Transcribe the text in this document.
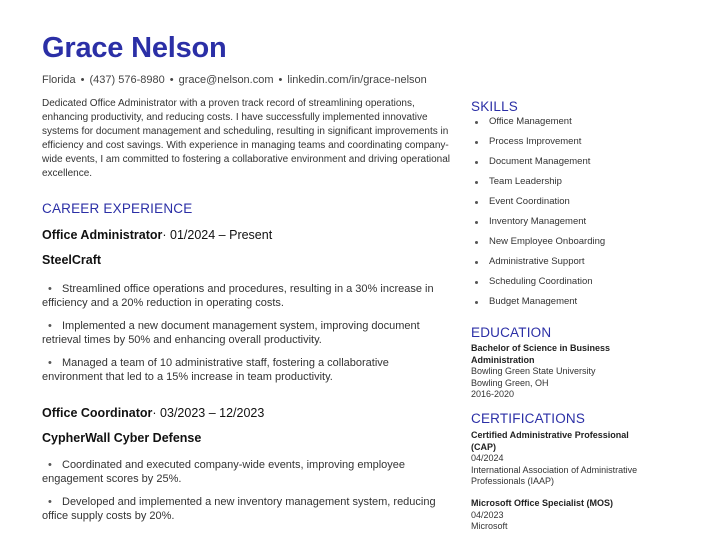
Grace Nelson
Florida • (437) 576-8980 • grace@nelson.com • linkedin.com/in/grace-nelson

Dedicated Office Administrator with a proven track record of streamlining operations, enhancing productivity, and reducing costs. I have successfully implemented innovative systems for document management and scheduling, resulting in significant improvements in efficiency and cost savings. With experience in managing teams and coordinating company-wide events, I am committed to fostering a collaborative environment and driving operational excellence.

CAREER EXPERIENCE
Office Administrator· 01/2024 – Present
SteelCraft
• Streamlined office operations and procedures, resulting in a 30% increase in efficiency and a 20% reduction in operating costs.
• Implemented a new document management system, improving document retrieval times by 50% and enhancing overall productivity.
• Managed a team of 10 administrative staff, fostering a collaborative environment that led to a 15% increase in team productivity.
Office Coordinator· 03/2023 – 12/2023
CypherWall Cyber Defense
• Coordinated and executed company-wide events, improving employee engagement scores by 25%.
• Developed and implemented a new inventory management system, reducing office supply costs by 20%.
SKILLS
Office Management
Process Improvement
Document Management
Team Leadership
Event Coordination
Inventory Management
New Employee Onboarding
Administrative Support
Scheduling Coordination
Budget Management
EDUCATION
Bachelor of Science in Business Administration
Bowling Green State University
Bowling Green, OH
2016-2020
CERTIFICATIONS
Certified Administrative Professional (CAP)
04/2024
International Association of Administrative Professionals (IAAP)
Microsoft Office Specialist (MOS)
04/2023
Microsoft
